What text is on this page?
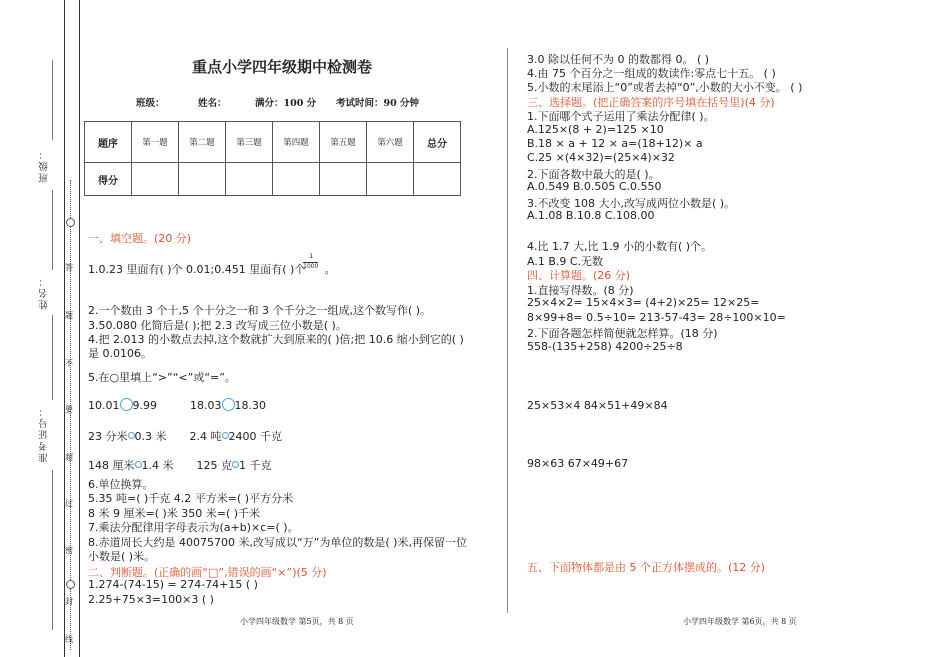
班级：
姓名：
准考证号：
答
题
不
要
超
过
密
封
线
重点小学四年级期中检测卷
班级：	姓名：	满分：100 分 考试时间：90 分钟
题序	第一题	第二题	第三题	第四题	第五题	第六题	总分
得分							
一、填空题。(20 分)
1.0.23 里面有( )个 0.01;0.451 里面有( )个$^{11000}$ 。
2.一个数由 3 个十,5 个十分之一和 3 个千分之一组成,这个数写作( )。
3.50.080 化简后是( );把 2.3 改写成三位小数是( )。
4.把 2.013 的小数点去掉,这个数就扩大到原来的( )倍;把 10.6 缩小到它的( )
是 0.0106。
5.在○里填上“>”“<”或“=”。
10.01 9.99	18.03 18.30
23 分米 0.3 米 2.4 吨 2400 千克
148 厘米 1.4 米 125 克 1 千克
6.单位换算。
5.35 吨=( )千克 4.2 平方米=( )平方分米
8 米 9 厘米=( )米 350 米=( )千米
7.乘法分配律用字母表示为(a+b)×c=( )。
8.赤道周长大约是 40075700 米,改写成以“万”为单位的数是( )米,再保留一位
小数是( )米。
二、判断题。(正确的画“□”,错误的画“×”)(5 分)
1.274-(74-15) = 274-74+15 ( )
2.25+75×3=100×3 ( )
小学四年级数学 第5页，共 8 页
3.0 除以任何不为 0 的数都得 0。 ( )
4.由 75 个百分之一组成的数读作:零点七十五。 ( )
5.小数的末尾添上“0”或者去掉“0”,小数的大小不变。 ( )
三、选择题。(把正确答案的序号填在括号里)(4 分)
1.下面哪个式子运用了乘法分配律( )。
A.125×(8 + 2)=125 ×10
B.18 × a + 12 × a=(18+12)× a
C.25 ×(4×32)=(25×4)×32
2.下面各数中最大的是( )。
A.0.549 B.0.505 C.0.550
3.不改变 108 大小,改写成两位小数是( )。
A.1.08 B.10.8 C.108.00
4.比 1.7 大,比 1.9 小的小数有( )个。
A.1 B.9 C.无数
四、计算题。(26 分)
1.直接写得数。(8 分)
25×4×2= 15×4×3= (4+2)×25= 12×25=
8×99+8= 0.5÷10= 213-57-43= 28÷100×10=
2.下面各题怎样简便就怎样算。(18 分)
558-(135+258) 4200÷25÷8
25×53×4 84×51+49×84
98×63 67×49+67
五、下面物体都是由 5 个正方体摆成的。(12 分)
小学四年级数学 第6页，共 8 页
